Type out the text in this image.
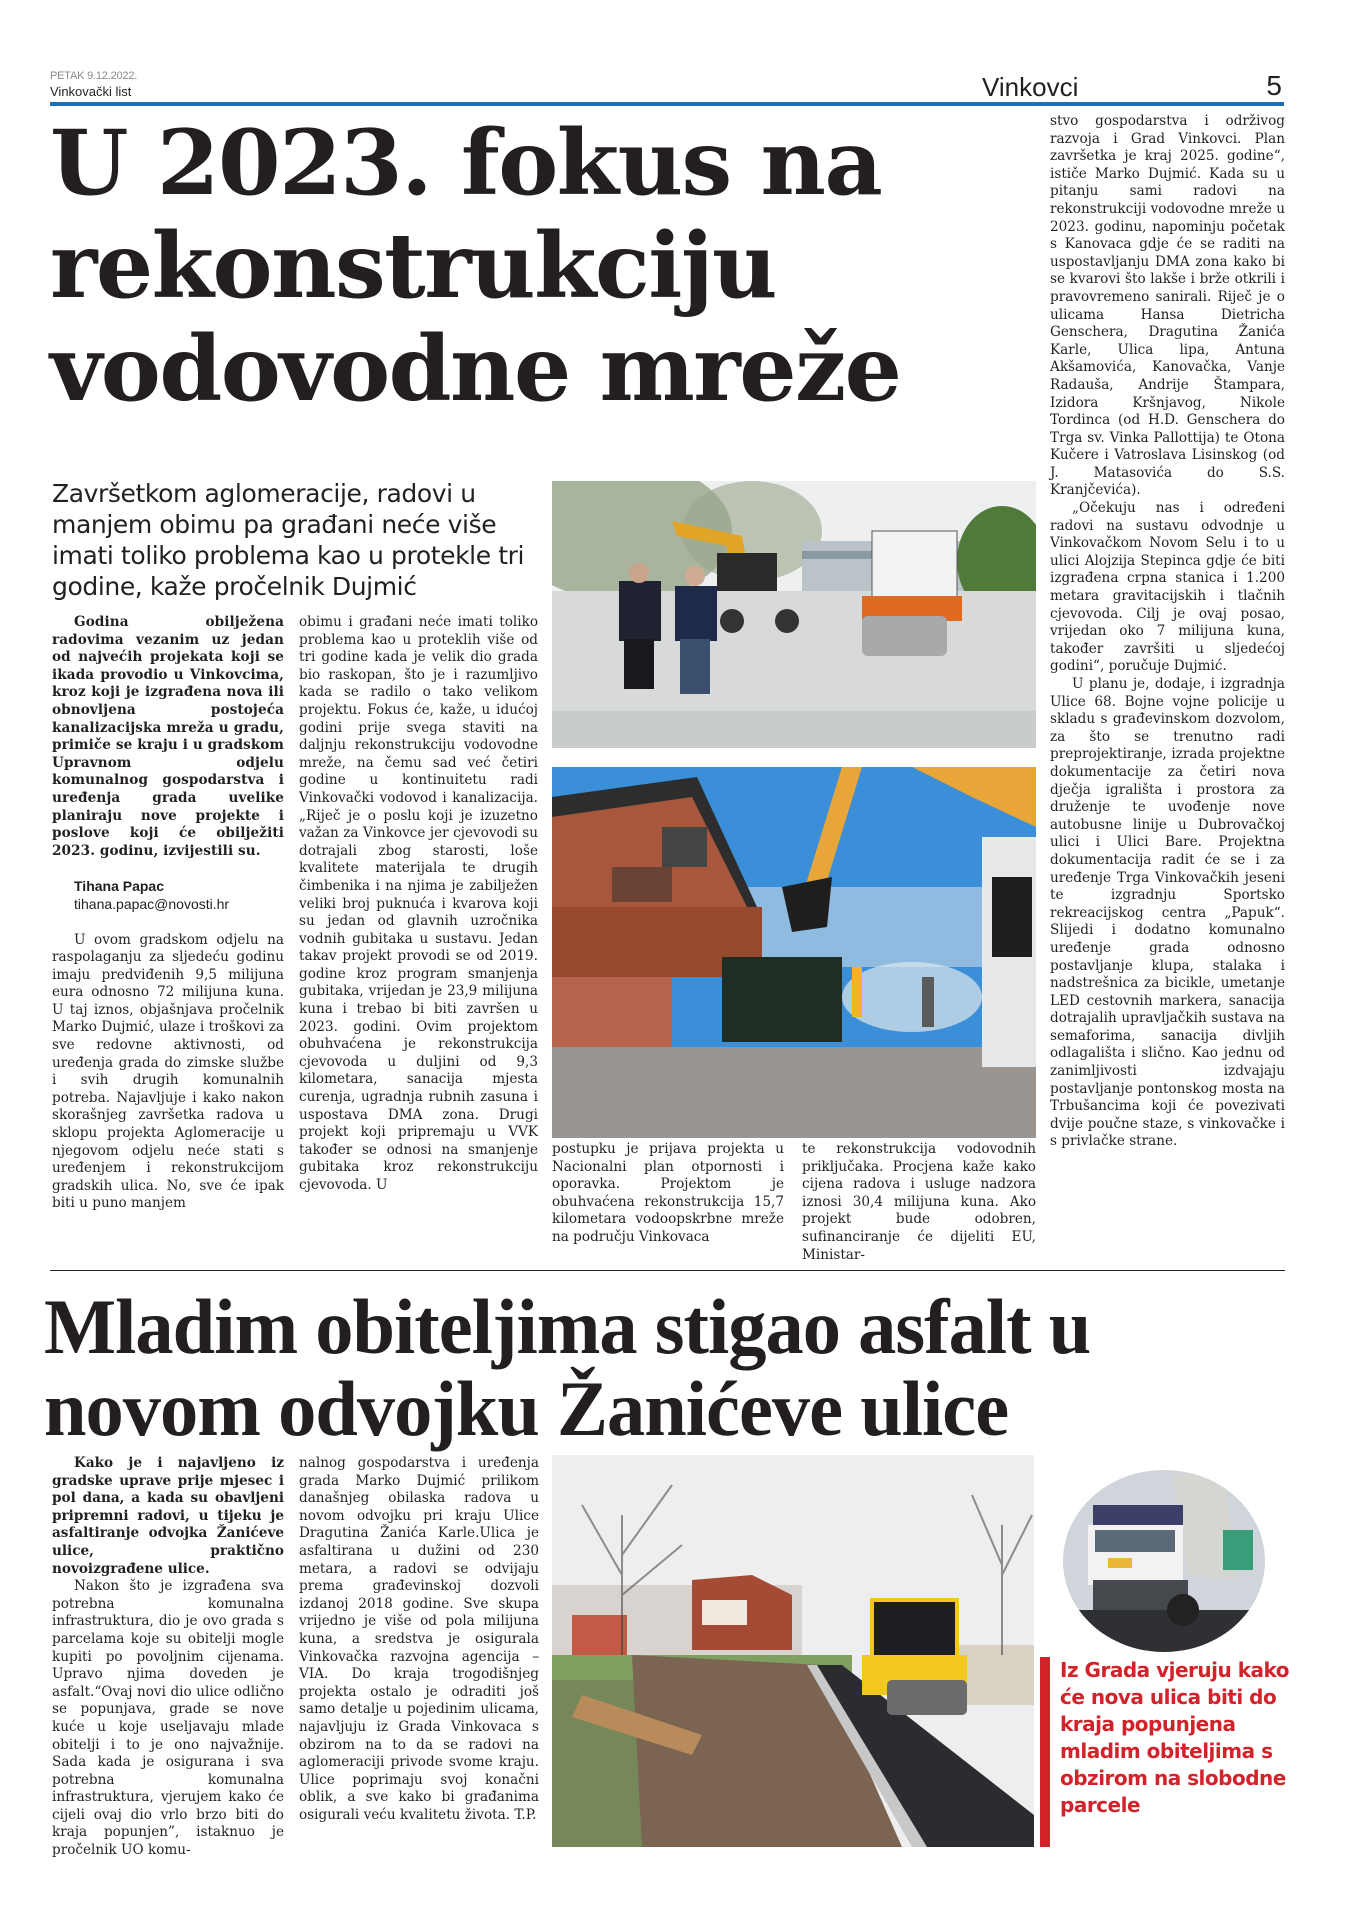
PETAK 9.12.2022.
Vinkovački list	Vinkovci	5
U 2023. fokus na rekonstrukciju vodovodne mreže
Završetkom aglomeracije, radovi u manjem obimu pa građani neće više imati toliko problema kao u protekle tri godine, kaže pročelnik Dujmić

Godina obilježena radovima vezanim uz jedan od najvećih projekata koji se ikada provodio u Vinkovcima, kroz koji je izgrađena nova ili obnovljena postojeća kanalizacijska mreža u gradu, primiče se kraju i u gradskom Upravnom odjelu komunalnog gospodarstva i uređenja grada uvelike planiraju nove projekte i poslove koji će obilježiti 2023. godinu, izvijestili su.

Tihana Papac

tihana.papac@novosti.hr

U ovom gradskom odjelu na raspolaganju za sljedeću godinu imaju predviđenih 9,5 milijuna eura odnosno 72 milijuna kuna. U taj iznos, objašnjava pročelnik Marko Dujmić, ulaze i troškovi za sve redovne aktivnosti, od uređenja grada do zimske službe i svih drugih komunalnih potreba. Najavljuje i kako nakon skorašnjeg završetka radova u sklopu projekta Aglomeracije u njegovom odjelu neće stati s uređenjem i rekonstrukcijom gradskih ulica. No, sve će ipak biti u puno manjem

obimu i građani neće imati toliko problema kao u proteklih više od tri godine kada je velik dio grada bio raskopan, što je i razumljivo kada se radilo o tako velikom projektu. Fokus će, kaže, u idućoj godini prije svega staviti na daljnju rekonstrukciju vodovodne mreže, na čemu sad već četiri godine u kontinuitetu radi Vinkovački vodovod i kanalizacija. „Riječ je o poslu koji je izuzetno važan za Vinkovce jer cjevovodi su dotrajali zbog starosti, loše kvalitete materijala te drugih čimbenika i na njima je zabilježen veliki broj puknuća i kvarova koji su jedan od glavnih uzročnika vodnih gubitaka u sustavu. Jedan takav projekt provodi se od 2019. godine kroz program smanjenja gubitaka, vrijedan je 23,9 milijuna kuna i trebao bi biti završen u 2023. godini. Ovim projektom obuhvaćena je rekonstrukcija cjevovoda u duljini od 9,3 kilometara, sanacija mjesta curenja, ugradnja rubnih zasuna i uspostava DMA zona. Drugi projekt koji pripremaju u VVK također se odnosi na smanjenje gubitaka kroz rekonstrukciju cjevovoda. U

postupku je prijava projekta u Nacionalni plan otpornosti i oporavka. Projektom je obuhvaćena rekonstrukcija 15,7 kilometara vodoopskrbne mreže na području Vinkovaca

te rekonstrukcija vodovodnih priključaka. Procjena kaže kako cijena radova i usluge nadzora iznosi 30,4 milijuna kuna. Ako projekt bude odobren, sufinanciranje će dijeliti EU, Ministar-

stvo gospodarstva i održivog razvoja i Grad Vinkovci. Plan završetka je kraj 2025. godine“, ističe Marko Dujmić. Kada su u pitanju sami radovi na rekonstrukciji vodovodne mreže u 2023. godinu, napominju početak s Kanovaca gdje će se raditi na uspostavljanju DMA zona kako bi se kvarovi što lakše i brže otkrili i pravovremeno sanirali. Riječ je o ulicama Hansa Dietricha Genschera, Dragutina Žanića Karle, Ulica lipa, Antuna Akšamovića, Kanovačka, Vanje Radauša, Andrije Štampara, Izidora Kršnjavog, Nikole Tordinca (od H.D. Genschera do Trga sv. Vinka Pallottija) te Otona Kučere i Vatroslava Lisinskog (od J. Matasovića do S.S. Kranjčevića).

„Očekuju nas i određeni radovi na sustavu odvodnje u Vinkovačkom Novom Selu i to u ulici Alojzija Stepinca gdje će biti izgrađena crpna stanica i 1.200 metara gravitacijskih i tlačnih cjevovoda. Cilj je ovaj posao, vrijedan oko 7 milijuna kuna, također završiti u sljedećoj godini“, poručuje Dujmić.

U planu je, dodaje, i izgradnja Ulice 68. Bojne vojne policije u skladu s građevinskom dozvolom, za što se trenutno radi preprojektiranje, izrada projektne dokumentacije za četiri nova dječja igrališta i prostora za druženje te uvođenje nove autobusne linije u Dubrovačkoj ulici i Ulici Bare. Projektna dokumentacija radit će se i za uređenje Trga Vinkovačkih jeseni te izgradnju Sportsko rekreacijskog centra „Papuk“. Slijedi i dodatno komunalno uređenje grada odnosno postavljanje klupa, stalaka i nadstrešnica za bicikle, umetanje LED cestovnih markera, sanacija dotrajalih upravljačkih sustava na semaforima, sanacija divljih odlagališta i slično. Kao jednu od zanimljivosti izdvajaju postavljanje pontonskog mosta na Trbušancima koji će povezivati dvije poučne staze, s vinkovačke i s privlačke strane.

Mladim obiteljima stigao asfalt u novom odvojku Žanićeve ulice

Kako je i najavljeno iz gradske uprave prije mjesec i pol dana, a kada su obavljeni pripremni radovi, u tijeku je asfaltiranje odvojka Žanićeve ulice, praktično novoizgrađene ulice.

Nakon što je izgrađena sva potrebna komunalna infrastruktura, dio je ovo grada s parcelama koje su obitelji mogle kupiti po povoljnim cijenama. Upravo njima doveden je asfalt.“Ovaj novi dio ulice odlično se popunjava, grade se nove kuće u koje useljavaju mlade obitelji i to je ono najvažnije. Sada kada je osigurana i sva potrebna komunalna infrastruktura, vjerujem kako će cijeli ovaj dio vrlo brzo biti do kraja popunjen”, istaknuo je pročelnik UO komu-

nalnog gospodarstva i uređenja grada Marko Dujmić prilikom današnjeg obilaska radova u novom odvojku pri kraju Ulice Dragutina Žanića Karle.Ulica je asfaltirana u dužini od 230 metara, a radovi se odvijaju prema građevinskoj dozvoli izdanoj 2018 godine. Sve skupa vrijedno je više od pola milijuna kuna, a sredstva je osigurala Vinkovačka razvojna agencija – VIA. Do kraja trogodišnjeg projekta ostalo je odraditi još samo detalje u pojedinim ulicama, najavljuju iz Grada Vinkovaca s obzirom na to da se radovi na aglomeraciji privode svome kraju. Ulice poprimaju svoj konačni oblik, a sve kako bi građanima osigurali veću kvalitetu života. T.P.

Iz Grada vjeruju kako će nova ulica biti do kraja popunjena mladim obiteljima s obzirom na slobodne parcele
